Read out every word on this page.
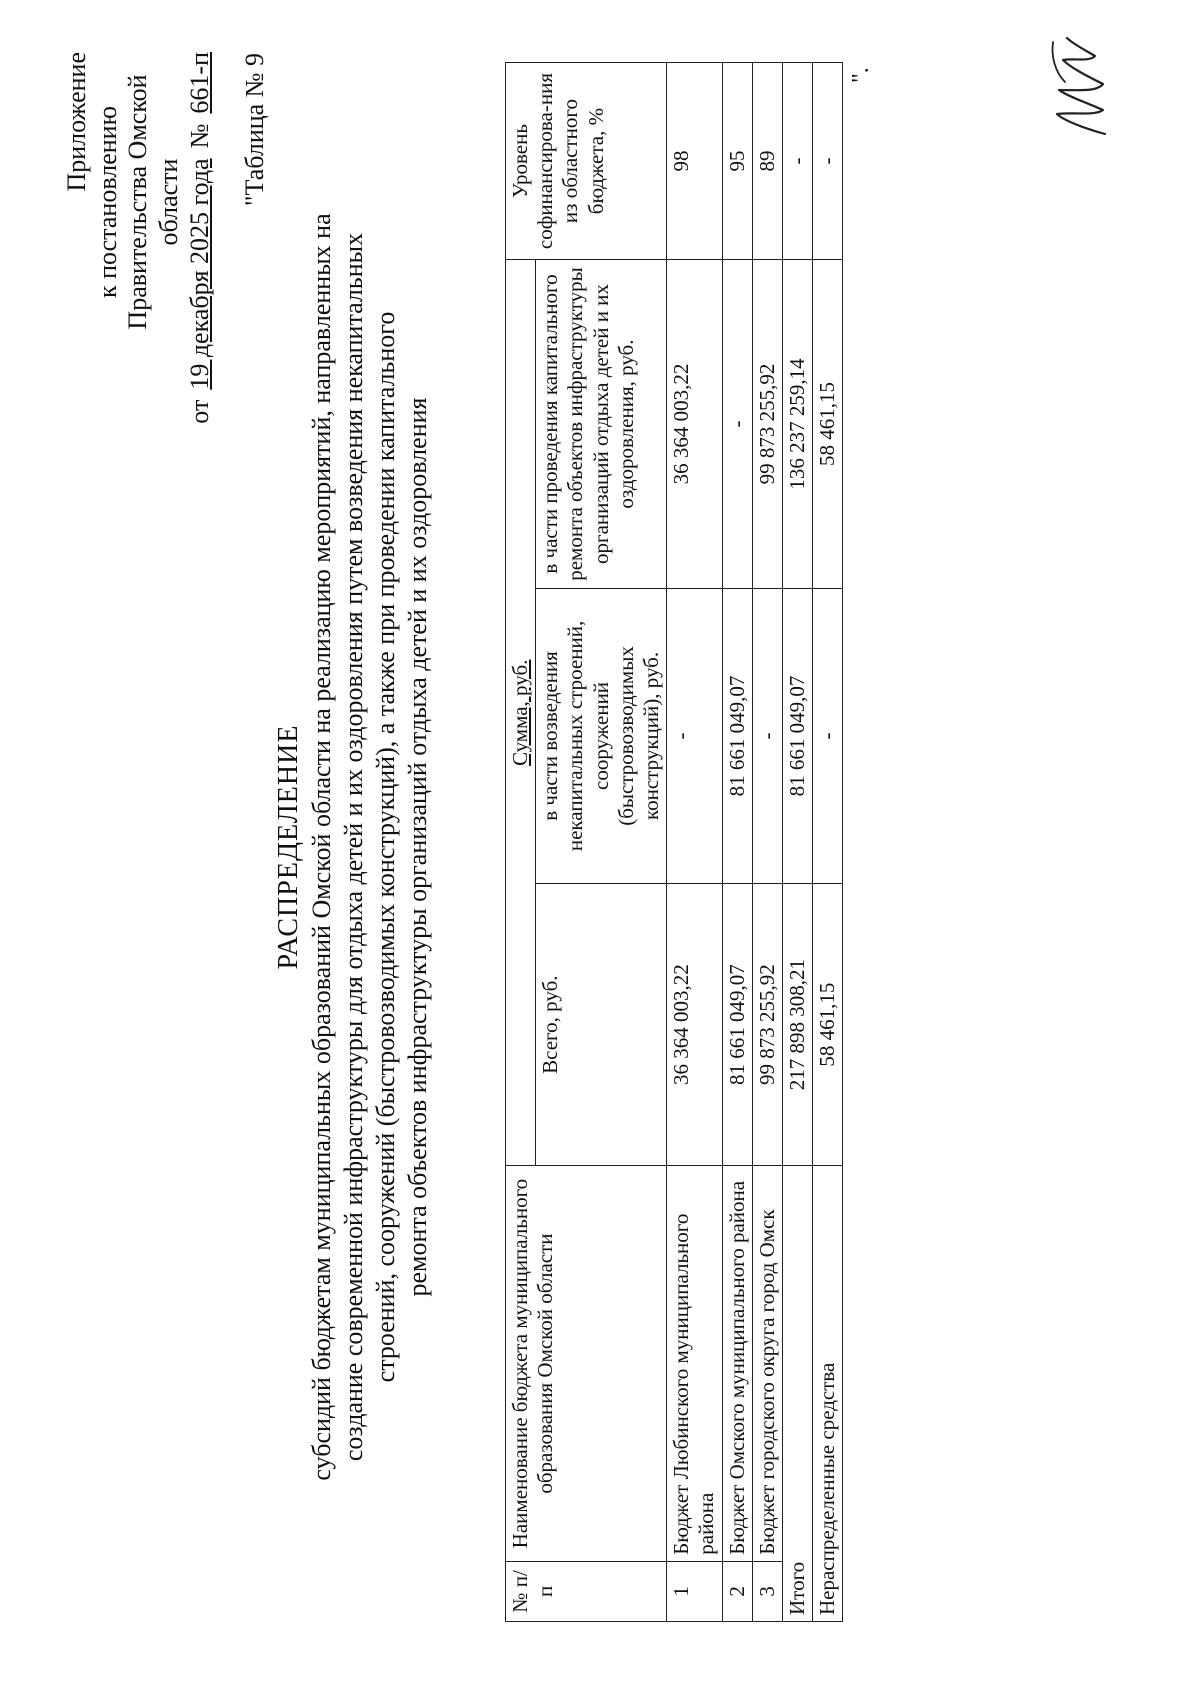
Приложение к постановлению Правительства Омской области
от
19 декабря 2025 года
№
661-п "Таблица № 9
РАСПРЕДЕЛЕНИЕ субсидий бюджетам муниципальных образований Омской области на реализацию мероприятий, направленных на создание современной инфраструктуры для отдыха детей и их оздоровления путем возведения некапитальных строений, сооружений (быстровозводимых конструкций), а также при проведении капитального ремонта объектов инфраструктуры организаций отдыха детей и их оздоровления
№ п/п	Наименование бюджета муниципального образования Омской области	Сумма, руб.			Уровень софинансирова-ния из областного бюджета, %
		Всего, руб.	в части возведения некапитальных строений, сооружений (быстровозводимых конструкций), руб.	в части проведения капитального ремонта объектов инфраструктуры организаций отдыха детей и их оздоровления, руб.	
1	Бюджет Любинского муниципального района	36 364 003,22	-	36 364 003,22	98
2	Бюджет Омского муниципального района	81 661 049,07	81 661 049,07	-	95
3	Бюджет городского округа город Омск	99 873 255,92	-	99 873 255,92	89
Итого		217 898 308,21	81 661 049,07	136 237 259,14	-
Нераспределенные средства		58 461,15	-	58 461,15	-
".
